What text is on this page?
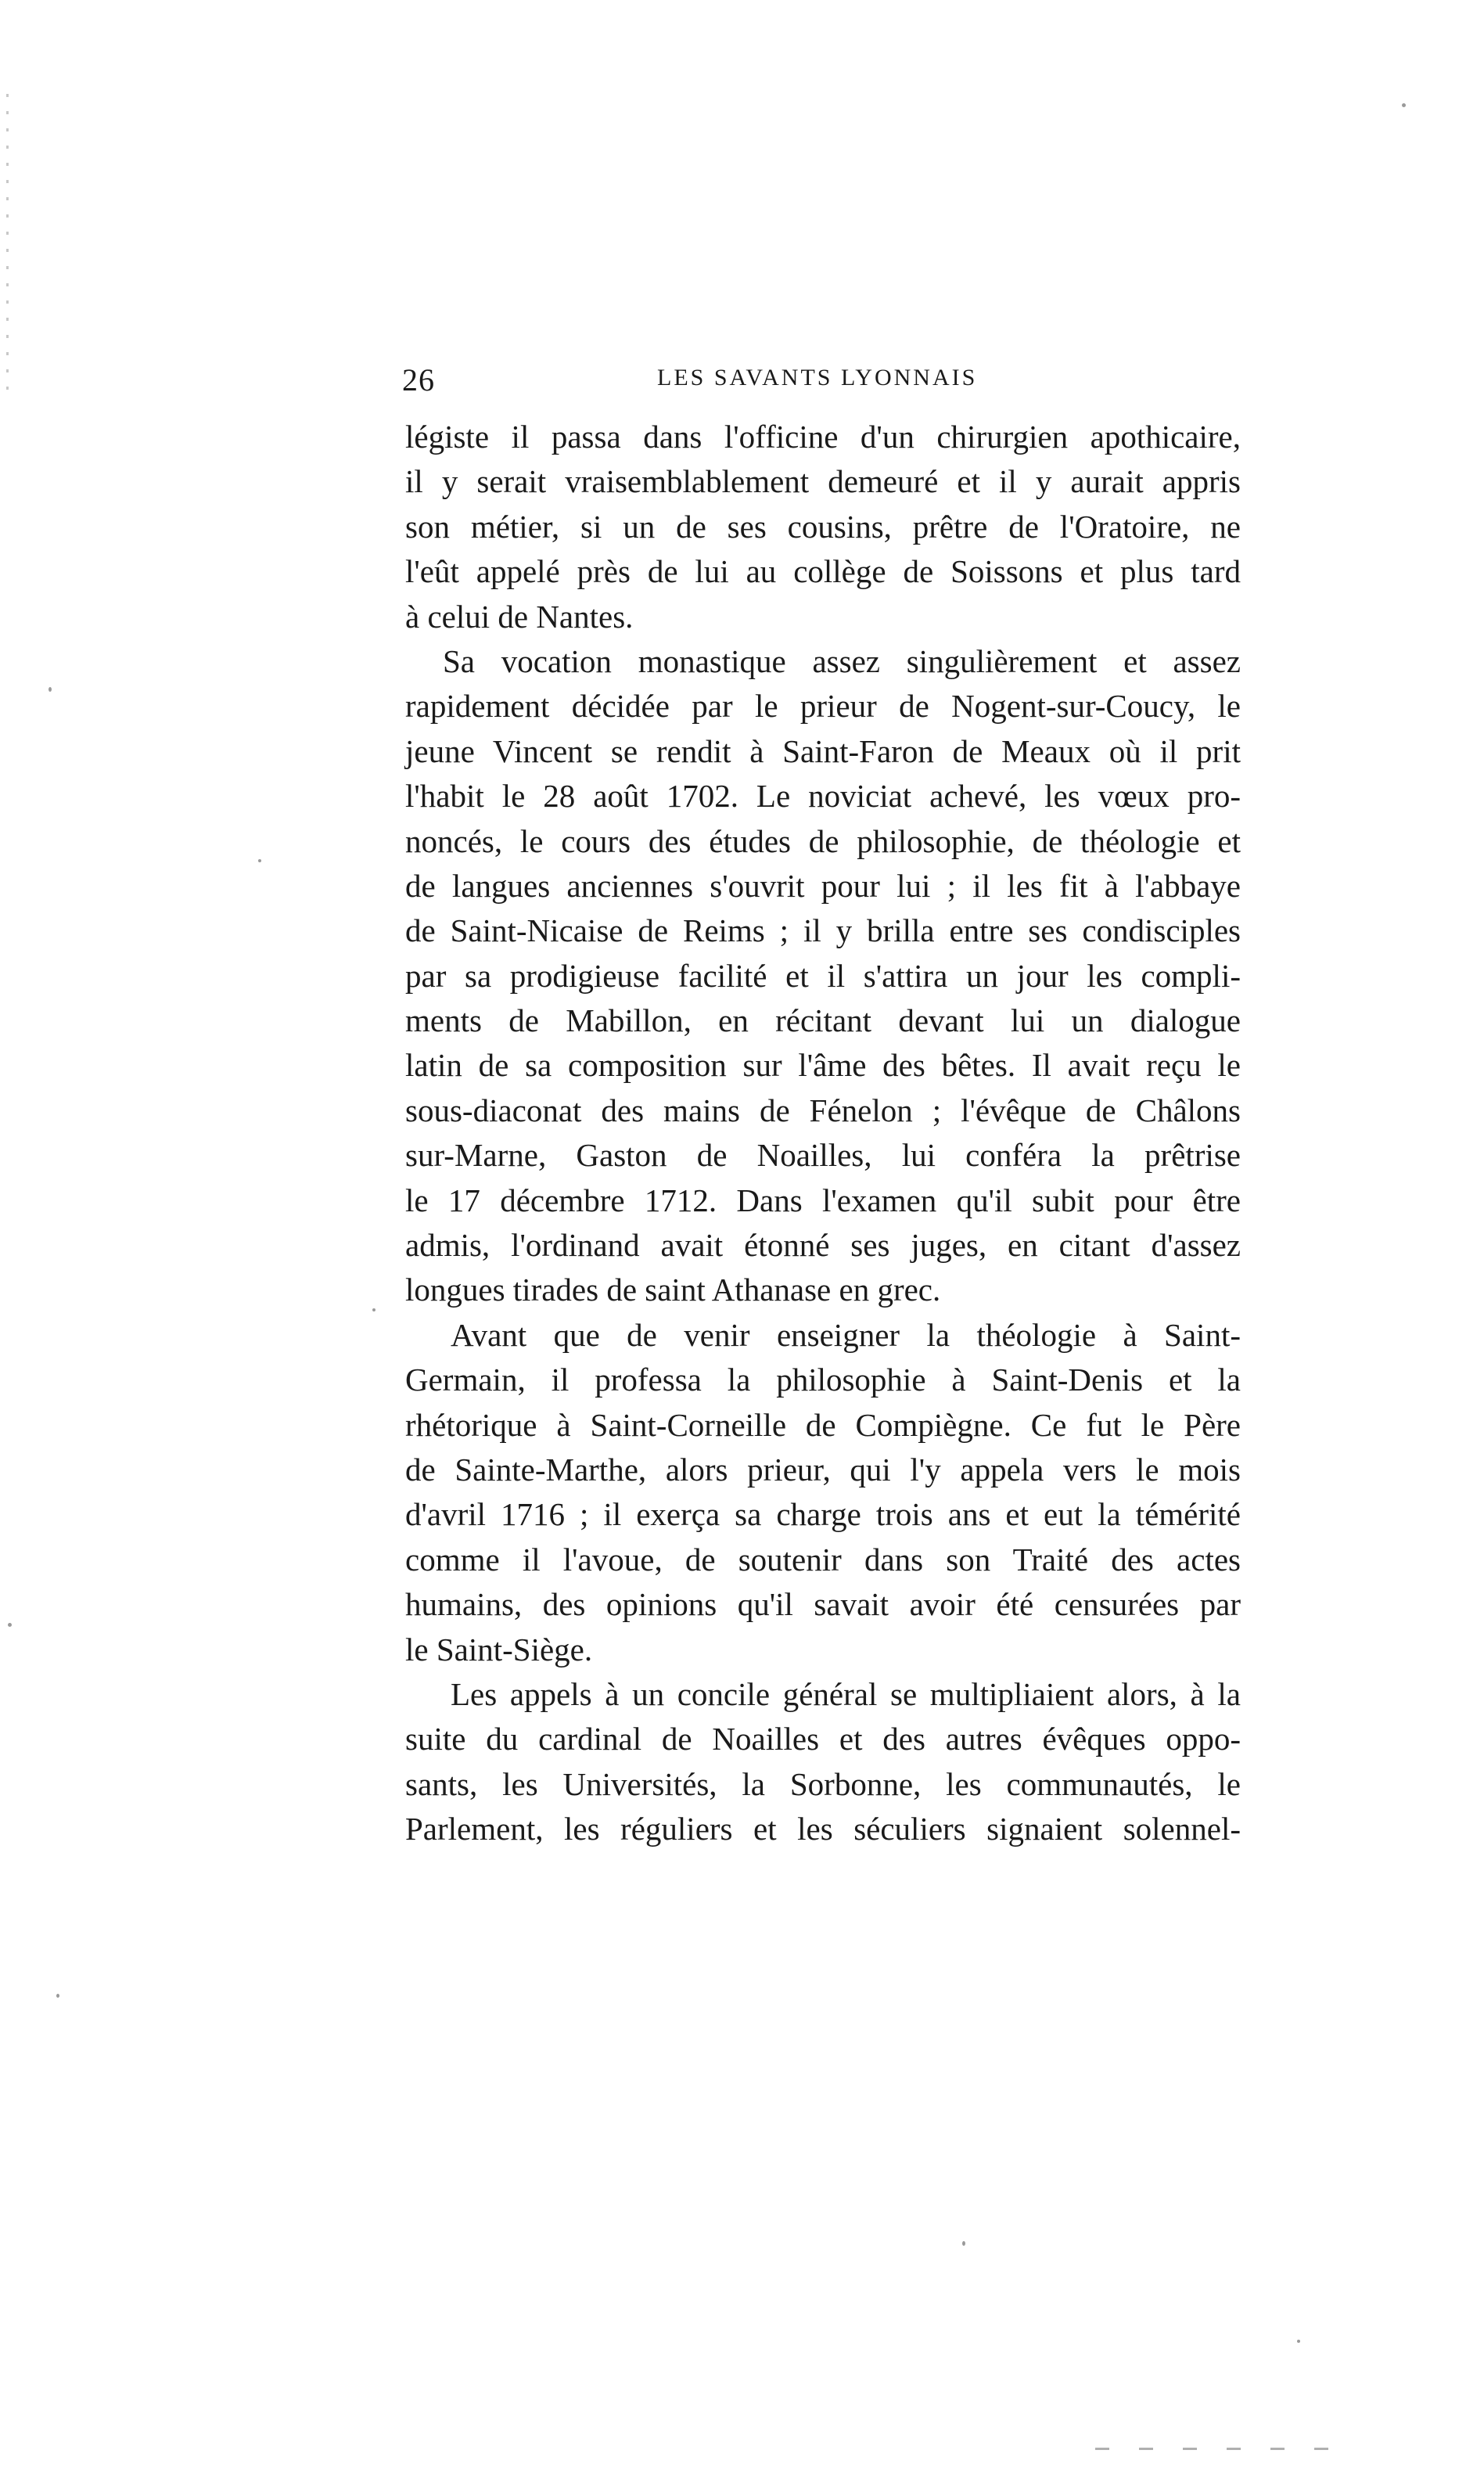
26	LES SAVANTS LYONNAIS
légiste il passa dans l'officine d'un chirurgien apothicaire,
il y serait vraisemblablement demeuré et il y aurait appris
son métier, si un de ses cousins, prêtre de l'Oratoire, ne
l'eût appelé près de lui au collège de Soissons et plus tard
à celui de Nantes.
Sa vocation monastique assez singulièrement et assez
rapidement décidée par le prieur de Nogent-sur-Coucy, le
jeune Vincent se rendit à Saint-Faron de Meaux où il prit
l'habit le 28 août 1702. Le noviciat achevé, les vœux pro-
noncés, le cours des études de philosophie, de théologie et
de langues anciennes s'ouvrit pour lui ; il les fit à l'abbaye
de Saint-Nicaise de Reims ; il y brilla entre ses condisciples
par sa prodigieuse facilité et il s'attira un jour les compli-
ments de Mabillon, en récitant devant lui un dialogue
latin de sa composition sur l'âme des bêtes. Il avait reçu le
sous-diaconat des mains de Fénelon ; l'évêque de Châlons
sur-Marne, Gaston de Noailles, lui conféra la prêtrise
le 17 décembre 1712. Dans l'examen qu'il subit pour être
admis, l'ordinand avait étonné ses juges, en citant d'assez
longues tirades de saint Athanase en grec.
Avant que de venir enseigner la théologie à Saint-
Germain, il professa la philosophie à Saint-Denis et la
rhétorique à Saint-Corneille de Compiègne. Ce fut le Père
de Sainte-Marthe, alors prieur, qui l'y appela vers le mois
d'avril 1716 ; il exerça sa charge trois ans et eut la témérité
comme il l'avoue, de soutenir dans son Traité des actes
humains, des opinions qu'il savait avoir été censurées par
le Saint-Siège.
Les appels à un concile général se multipliaient alors, à la
suite du cardinal de Noailles et des autres évêques oppo-
sants, les Universités, la Sorbonne, les communautés, le
Parlement, les réguliers et les séculiers signaient solennel-
